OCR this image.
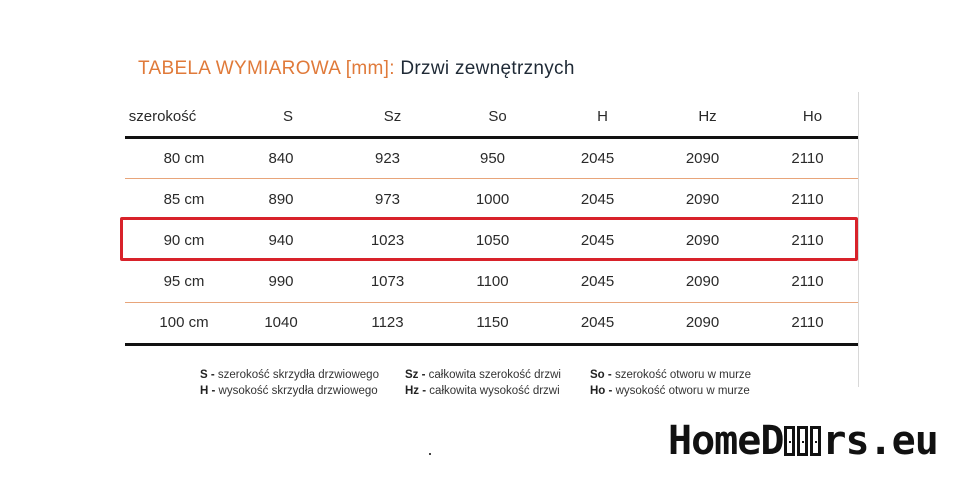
TABELA WYMIAROWA [mm]: Drzwi zewnętrznych
szerokość	S	Sz	So	H	Hz	Ho
80 cm	840	923	950	2045	2090	2110
85 cm	890	973	1000	2045	2090	2110
90 cm	940	1023	1050	2045	2090	2110
95 cm	990	1073	1100	2045	2090	2110
100 cm	1040	1123	1150	2045	2090	2110
S - szerokość skrzydła drzwiowego
H - wysokość skrzydła drzwiowego
Sz - całkowita szerokość drzwi
Hz - całkowita wysokość drzwi
So - szerokość otworu w murze
Ho - wysokość otworu w murze
HomeD rs.eu
